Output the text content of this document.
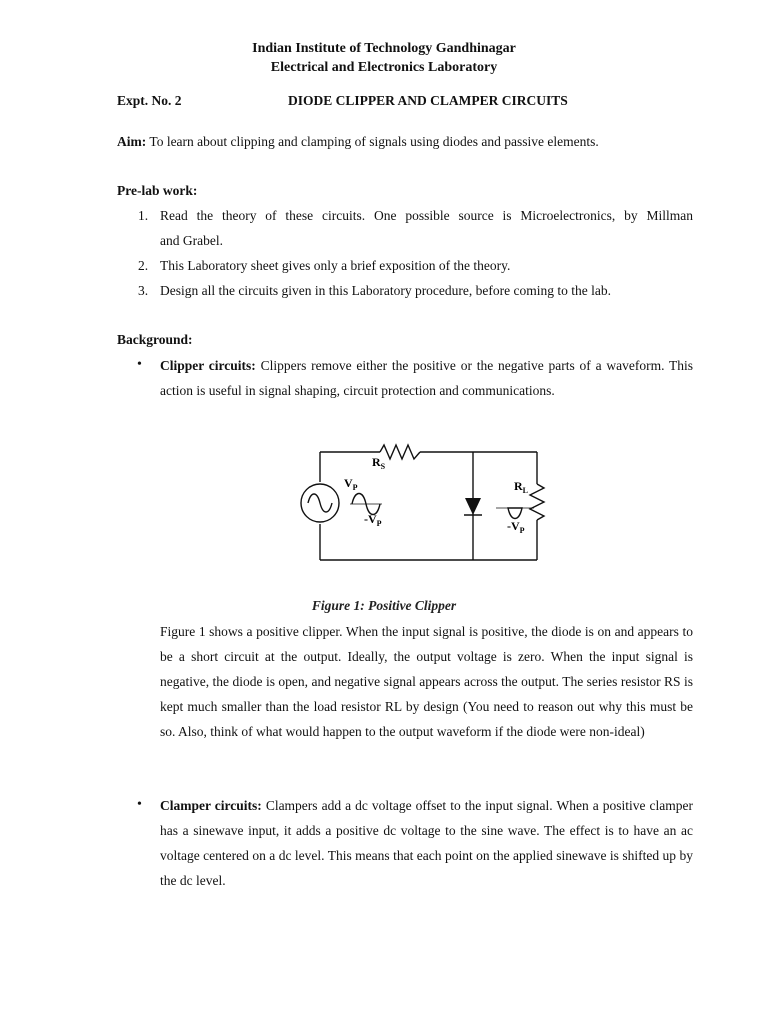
Indian Institute of Technology Gandhinagar
Electrical and Electronics Laboratory
Expt. No. 2	DIODE CLIPPER AND CLAMPER CIRCUITS
Aim: To learn about clipping and clamping of signals using diodes and passive elements.
Pre-lab work:
1. Read the theory of these circuits. One possible source is Microelectronics, by Millman
and Grabel.
2. This Laboratory sheet gives only a brief exposition of the theory.
3. Design all the circuits given in this Laboratory procedure, before coming to the lab.
Background:
• Clipper circuits: Clippers remove either the positive or the negative parts of a waveform. This action is useful in signal shaping, circuit protection and communications.

$R_S$
$R_L$
$V_P$
$-V_P$	$-V_P$
Figure 1: Positive Clipper

Figure 1 shows a positive clipper. When the input signal is positive, the diode is on and appears to be a short circuit at the output. Ideally, the output voltage is zero. When the input signal is negative, the diode is open, and negative signal appears across the output. The series resistor RS is kept much smaller than the load resistor RL by design (You need to reason out why this must be so. Also, think of what would happen to the output waveform if the diode were non-ideal)

• Clamper circuits: Clampers add a dc voltage offset to the input signal. When a positive clamper has a sinewave input, it adds a positive dc voltage to the sine wave. The effect is to have an ac voltage centered on a dc level. This means that each point on the applied sinewave is shifted up by the dc level.
